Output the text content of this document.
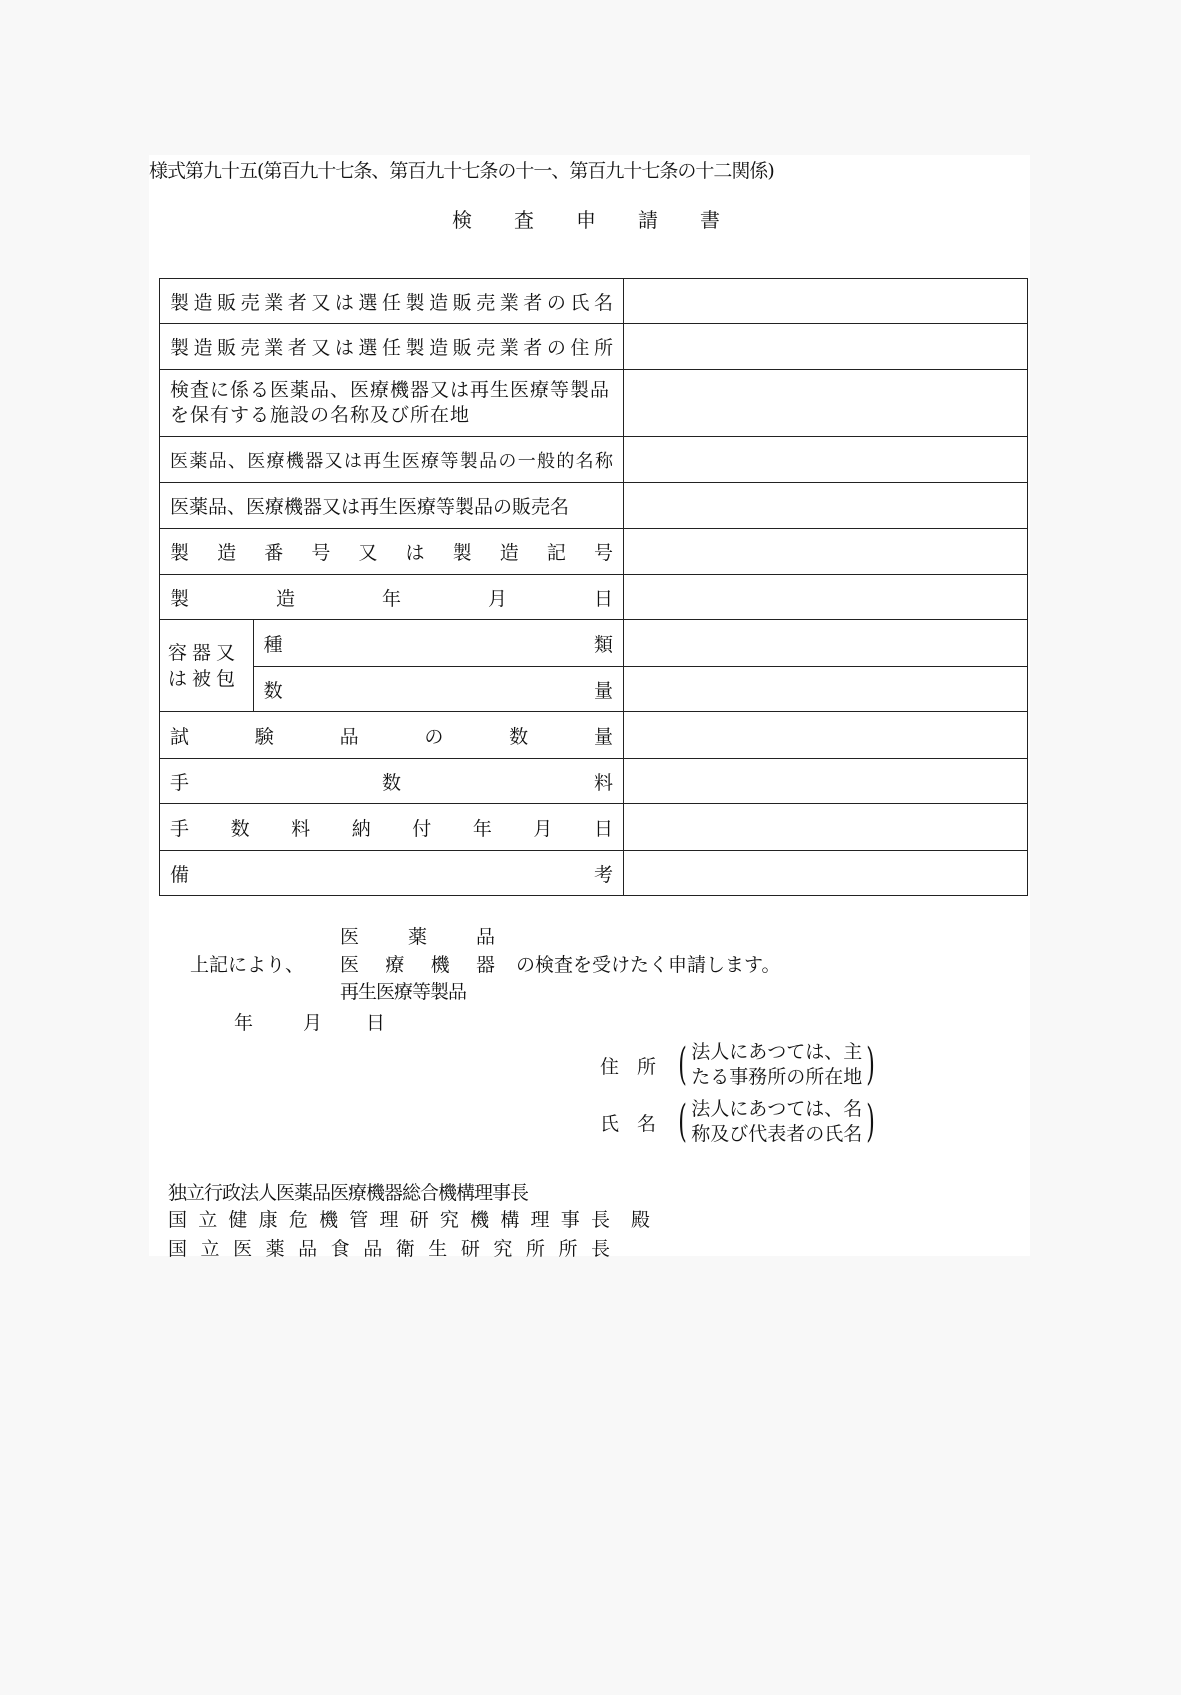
様式第九十五(第百九十七条、第百九十七条の十一、第百九十七条の十二関係)
検査申請書
製造販売業者又は選任製造販売業者の氏名		
製造販売業者又は選任製造販売業者の住所		
検査に係る医薬品、医療機器又は再生医療等製品を保有する施設の名称及び所在地		
医薬品、医療機器又は再生医療等製品の一般的名称		
医薬品、医療機器又は再生医療等製品の販売名		
製造番号又は製造記号		
製造年月日		
容器又は被包	種類	
	数量	
試験品の数量		
手数料		
手数料納付年月日		
備考		
医薬品
上記により、 医療機器 の検査を受けたく申請します。
再生医療等製品
年	月 日
住所 ( 法人にあつては、主
たる事務所の所在地 )
氏名 ( 法人にあつては、名
称及び代表者の氏名 )
独立行政法人医薬品医療機器総合機構理事長
国立健康危機管理研究機構理事長 殿
国立医薬品食品衛生研究所所長
